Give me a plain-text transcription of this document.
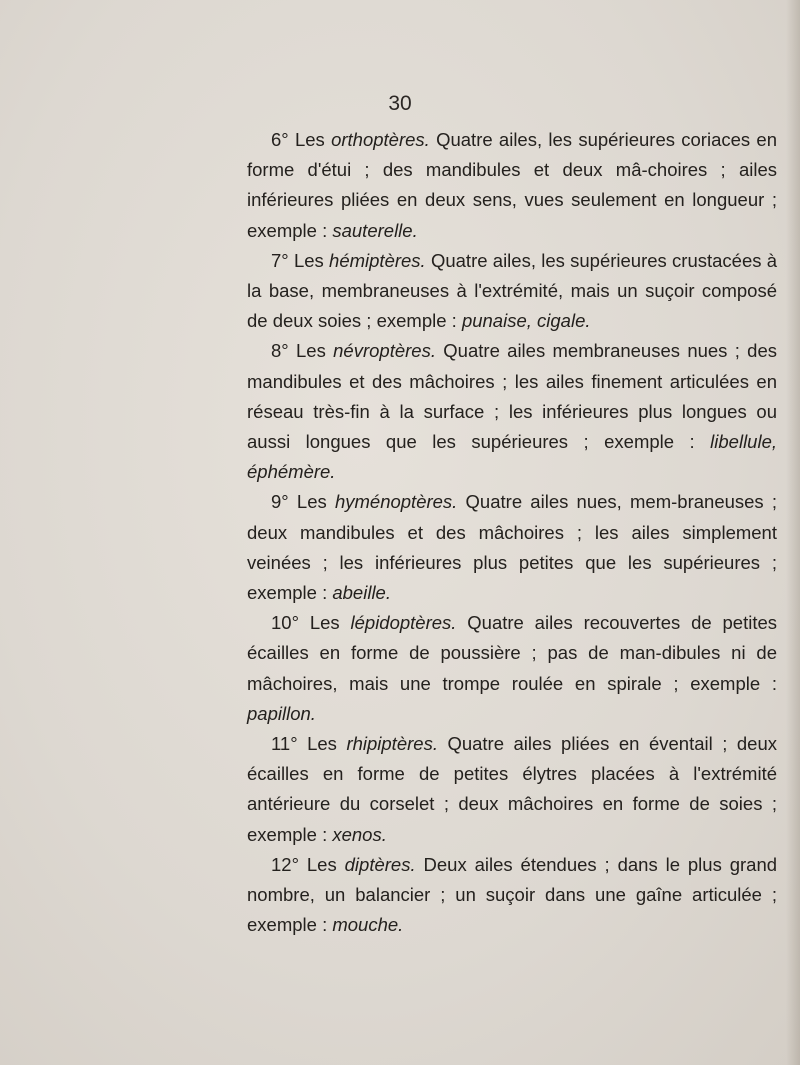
30

6° Les orthoptères. Quatre ailes, les supérieures coriaces en forme d'étui ; des mandibules et deux mâ-choires ; ailes inférieures pliées en deux sens, vues seulement en longueur ; exemple : sauterelle.

7° Les hémiptères. Quatre ailes, les supérieures crustacées à la base, membraneuses à l'extrémité, mais un suçoir composé de deux soies ; exemple : punaise, cigale.

8° Les névroptères. Quatre ailes membraneuses nues ; des mandibules et des mâchoires ; les ailes finement articulées en réseau très-fin à la surface ; les inférieures plus longues ou aussi longues que les supérieures ; exemple : libellule, éphémère.

9° Les hyménoptères. Quatre ailes nues, mem-braneuses ; deux mandibules et des mâchoires ; les ailes simplement veinées ; les inférieures plus petites que les supérieures ; exemple : abeille.

10° Les lépidoptères. Quatre ailes recouvertes de petites écailles en forme de poussière ; pas de man-dibules ni de mâchoires, mais une trompe roulée en spirale ; exemple : papillon.

11° Les rhipiptères. Quatre ailes pliées en éventail ; deux écailles en forme de petites élytres placées à l'extrémité antérieure du corselet ; deux mâchoires en forme de soies ; exemple : xenos.

12° Les diptères. Deux ailes étendues ; dans le plus grand nombre, un balancier ; un suçoir dans une gaîne articulée ; exemple : mouche.
